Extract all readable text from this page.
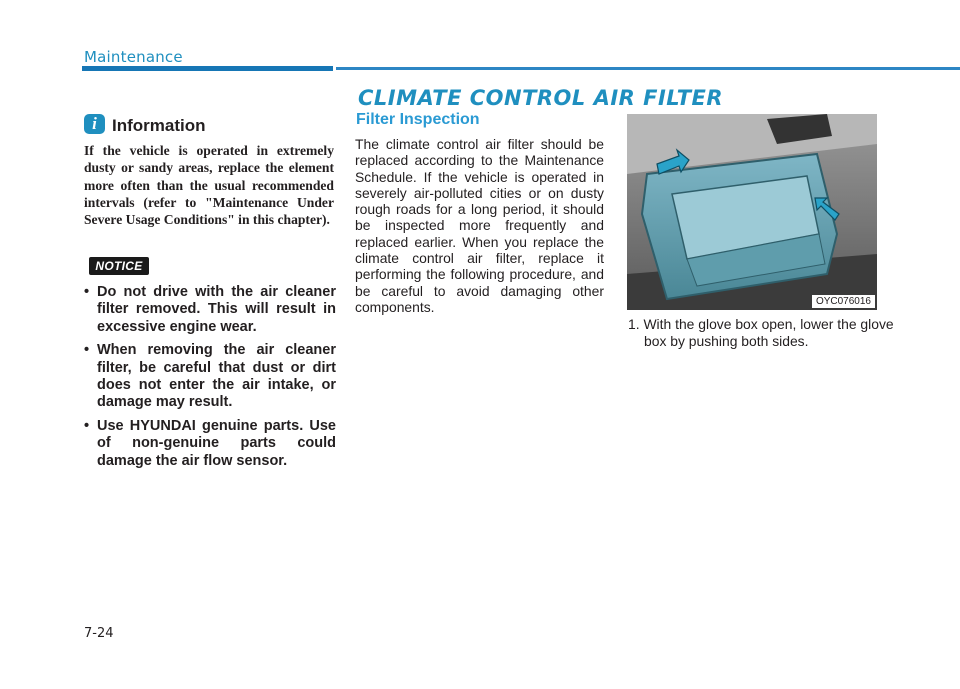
Maintenance
i Information

If the vehicle is operated in extremely dusty or sandy areas, replace the element more often than the usual recommended intervals (refer to "Maintenance Under Severe Usage Conditions" in this chapter).

NOTICE
• Do not drive with the air cleaner filter removed. This will result in excessive engine wear.
• When removing the air cleaner filter, be careful that dust or dirt does not enter the air intake, or damage may result.
• Use HYUNDAI genuine parts. Use of non-genuine parts could damage the air flow sensor.
CLIMATE CONTROL AIR FILTER
Filter Inspection

The climate control air filter should be replaced according to the Maintenance Schedule. If the vehicle is operated in severely air-polluted cities or on dusty rough roads for a long period, it should be inspected more frequently and replaced earlier. When you replace the climate control air filter, replace it performing the following procedure, and be careful to avoid damaging other components.	OYC076016

1. With the glove box open, lower the glove box by pushing both sides.

7-24
